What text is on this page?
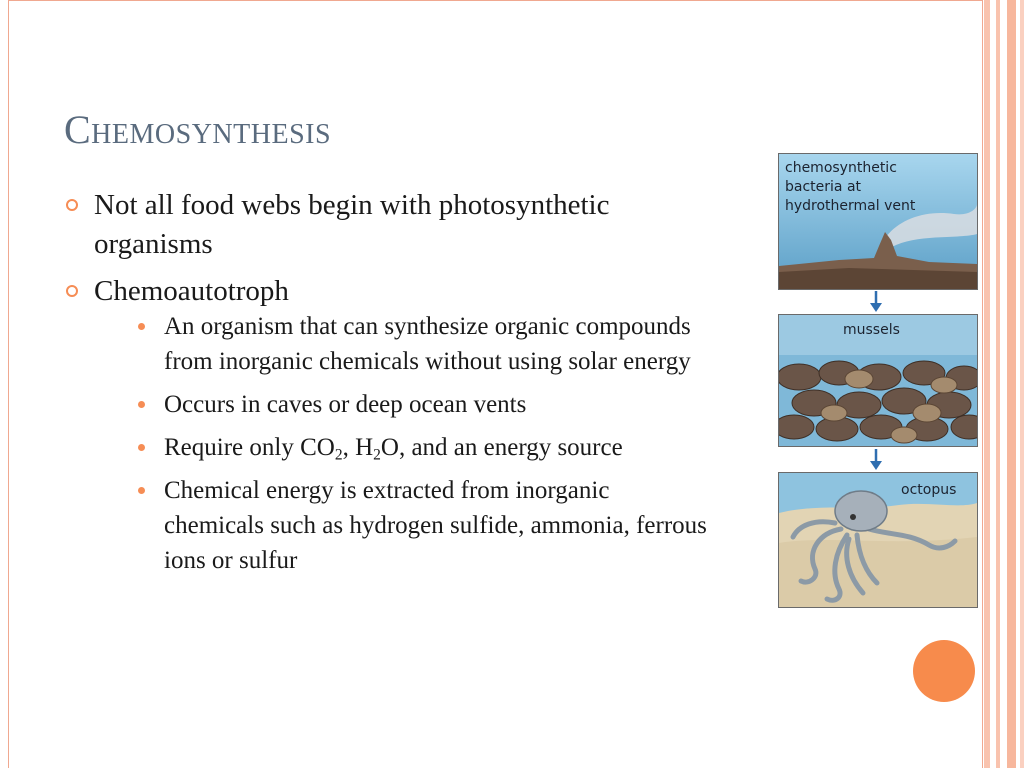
Chemosynthesis
Not all food webs begin with photosynthetic organisms
Chemoautotroph
An organism that can synthesize organic compounds from inorganic chemicals without using solar energy
Occurs in caves or deep ocean vents
Require only $CO_2$, $H_2O$, and an energy source
Chemical energy is extracted from inorganic chemicals such as hydrogen sulfide, ammonia, ferrous ions or sulfur
chemosynthetic
bacteria at
hydrothermal vent
mussels
octopus
